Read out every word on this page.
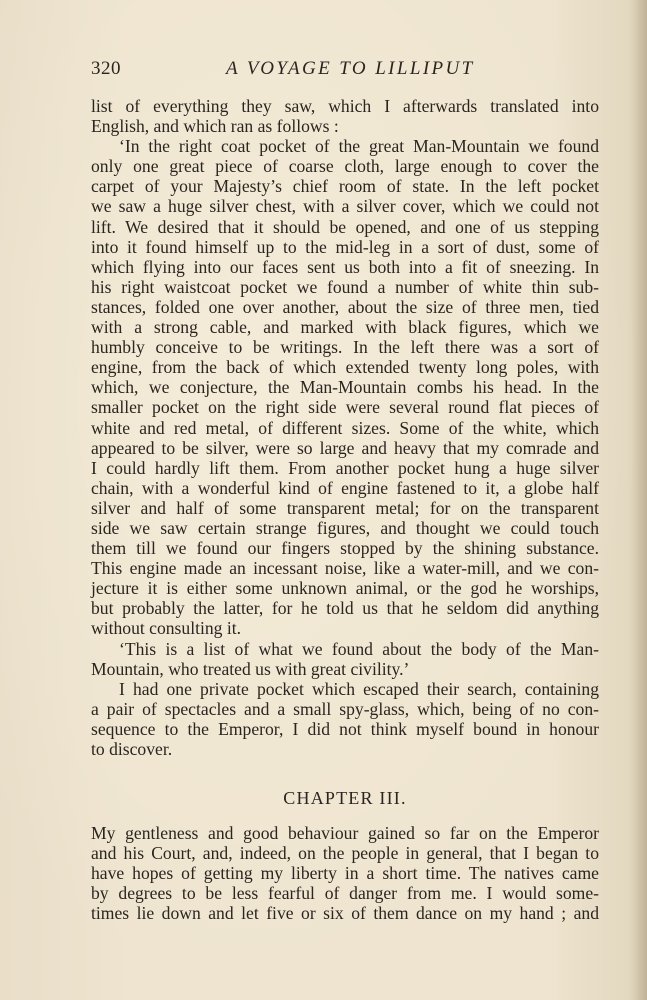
320	A VOYAGE TO LILLIPUT
list of everything they saw, which I afterwards translated into
English, and which ran as follows :
‘In the right coat pocket of the great Man-Mountain we found
only one great piece of coarse cloth, large enough to cover the
carpet of your Majesty’s chief room of state. In the left pocket
we saw a huge silver chest, with a silver cover, which we could not
lift. We desired that it should be opened, and one of us stepping
into it found himself up to the mid-leg in a sort of dust, some of
which flying into our faces sent us both into a fit of sneezing. In
his right waistcoat pocket we found a number of white thin sub-
stances, folded one over another, about the size of three men, tied
with a strong cable, and marked with black figures, which we
humbly conceive to be writings. In the left there was a sort of
engine, from the back of which extended twenty long poles, with
which, we conjecture, the Man-Mountain combs his head. In the
smaller pocket on the right side were several round flat pieces of
white and red metal, of different sizes. Some of the white, which
appeared to be silver, were so large and heavy that my comrade and
I could hardly lift them. From another pocket hung a huge silver
chain, with a wonderful kind of engine fastened to it, a globe half
silver and half of some transparent metal; for on the transparent
side we saw certain strange figures, and thought we could touch
them till we found our fingers stopped by the shining substance.
This engine made an incessant noise, like a water-mill, and we con-
jecture it is either some unknown animal, or the god he worships,
but probably the latter, for he told us that he seldom did anything
without consulting it.
‘This is a list of what we found about the body of the Man-
Mountain, who treated us with great civility.’
I had one private pocket which escaped their search, containing
a pair of spectacles and a small spy-glass, which, being of no con-
sequence to the Emperor, I did not think myself bound in honour
to discover.
CHAPTER III.
My gentleness and good behaviour gained so far on the Emperor
and his Court, and, indeed, on the people in general, that I began to
have hopes of getting my liberty in a short time. The natives came
by degrees to be less fearful of danger from me. I would some-
times lie down and let five or six of them dance on my hand ; and
